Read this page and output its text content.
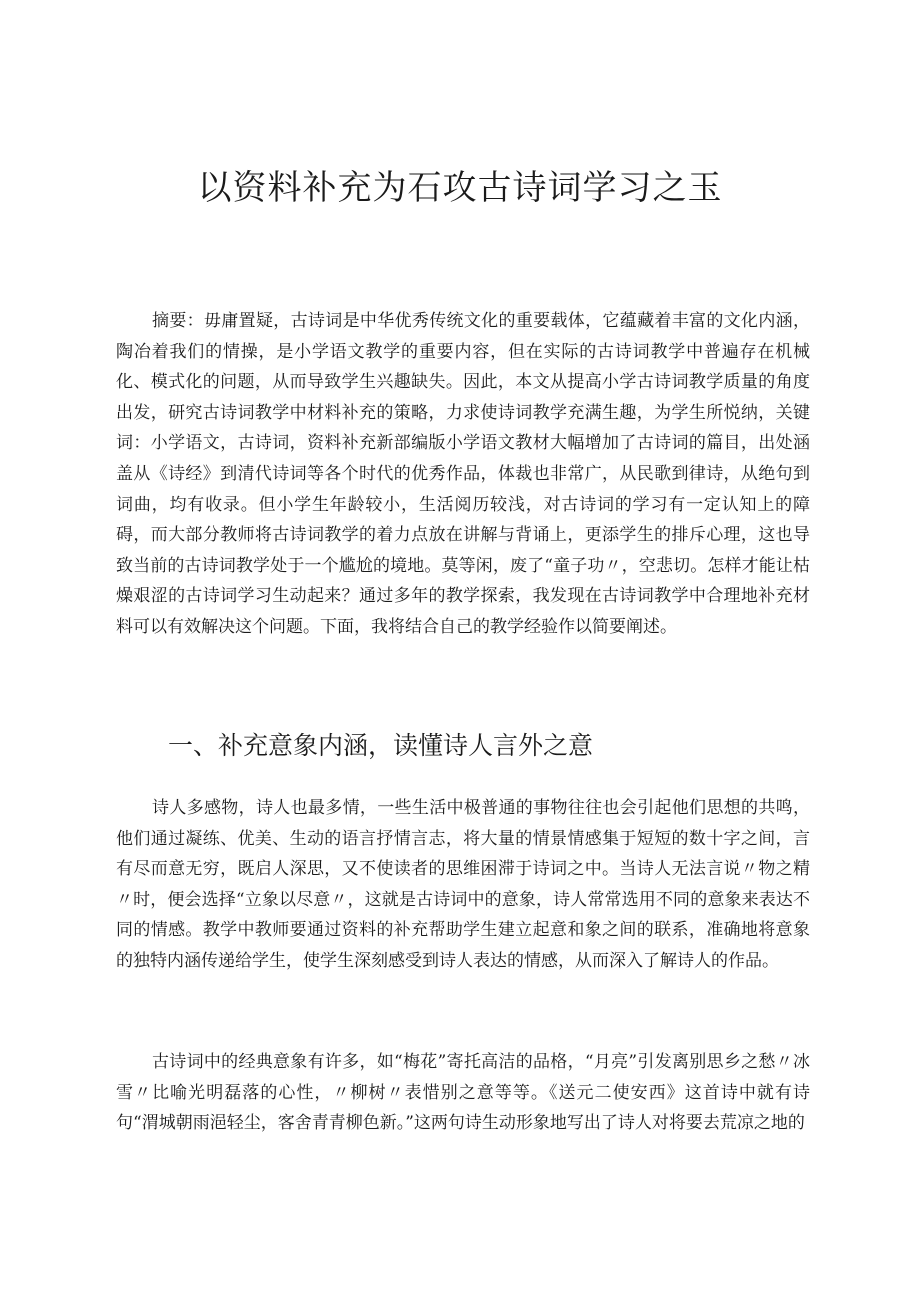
以资料补充为石攻古诗词学习之玉

摘要：毋庸置疑，古诗词是中华优秀传统文化的重要载体，它蕴藏着丰富的文化内涵，陶冶着我们的情操，是小学语文教学的重要内容，但在实际的古诗词教学中普遍存在机械化、模式化的问题，从而导致学生兴趣缺失。因此，本文从提高小学古诗词教学质量的角度出发，研究古诗词教学中材料补充的策略，力求使诗词教学充满生趣，为学生所悦纳，关键词：小学语文，古诗词，资料补充新部编版小学语文教材大幅增加了古诗词的篇目，出处涵盖从《诗经》到清代诗词等各个时代的优秀作品，体裁也非常广，从民歌到律诗，从绝句到词曲，均有收录。但小学生年龄较小，生活阅历较浅，对古诗词的学习有一定认知上的障碍，而大部分教师将古诗词教学的着力点放在讲解与背诵上，更添学生的排斥心理，这也导致当前的古诗词教学处于一个尴尬的境地。莫等闲，废了“童子功〃，空悲切。怎样才能让枯燥艰涩的古诗词学习生动起来？通过多年的教学探索，我发现在古诗词教学中合理地补充材料可以有效解决这个问题。下面，我将结合自己的教学经验作以简要阐述。

一、补充意象内涵，读懂诗人言外之意

诗人多感物，诗人也最多情，一些生活中极普通的事物往往也会引起他们思想的共鸣，他们通过凝练、优美、生动的语言抒情言志，将大量的情景情感集于短短的数十字之间，言有尽而意无穷，既启人深思，又不使读者的思维困滞于诗词之中。当诗人无法言说〃物之精〃时，便会选择“立象以尽意〃，这就是古诗词中的意象，诗人常常选用不同的意象来表达不同的情感。教学中教师要通过资料的补充帮助学生建立起意和象之间的联系，准确地将意象的独特内涵传递给学生，使学生深刻感受到诗人表达的情感，从而深入了解诗人的作品。

古诗词中的经典意象有许多，如“梅花”寄托高洁的品格，“月亮”引发离别思乡之愁〃冰雪〃比喻光明磊落的心性，〃柳树〃表惜别之意等等。《送元二使安西》这首诗中就有诗句“渭城朝雨浥轻尘，客舍青青柳色新。”这两句诗生动形象地写出了诗人对将要去荒凉之地的
